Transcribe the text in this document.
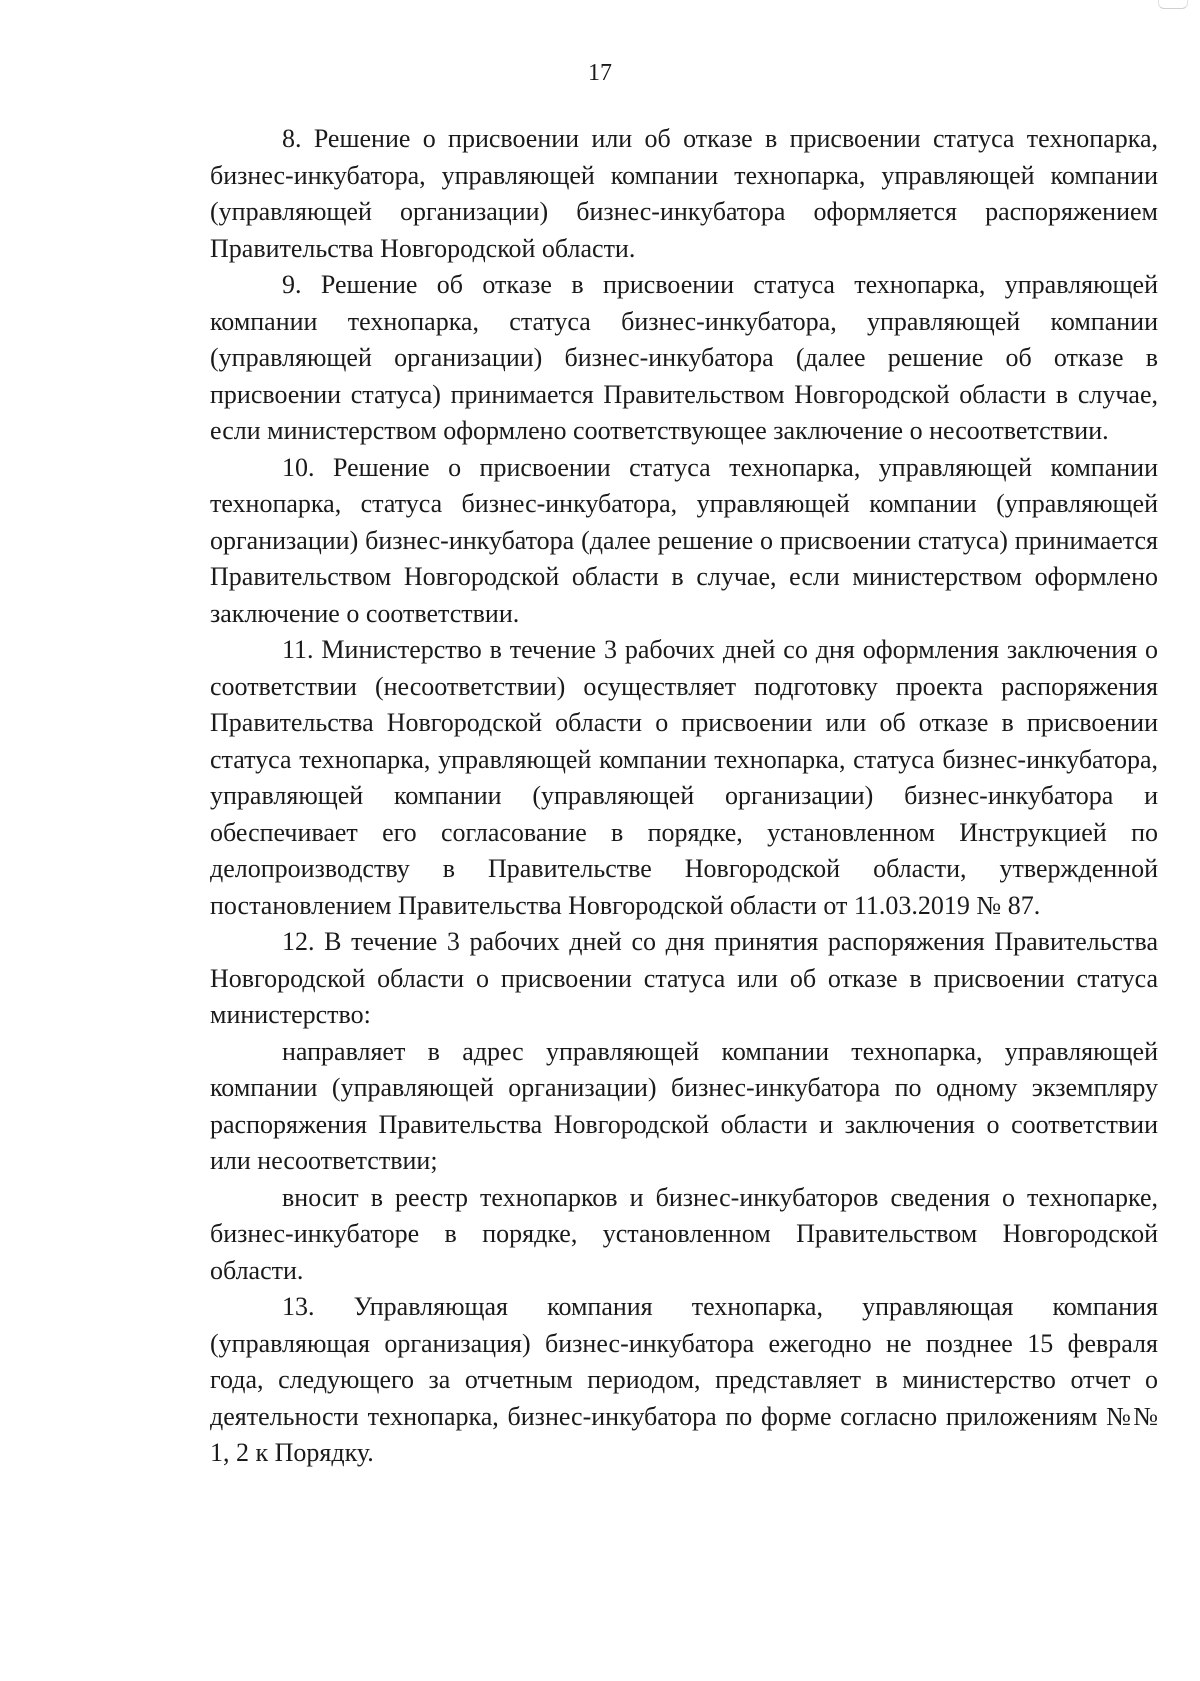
17

8. Решение о присвоении или об отказе в присвоении статуса технопарка, бизнес-инкубатора, управляющей компании технопарка, управляющей компании (управляющей организации) бизнес-инкубатора оформляется распоряжением Правительства Новгородской области.

9. Решение об отказе в присвоении статуса технопарка, управляющей компании технопарка, статуса бизнес-инкубатора, управляющей компании (управляющей организации) бизнес-инкубатора (далее решение об отказе в присвоении статуса) принимается Правительством Новгородской области в случае, если министерством оформлено соответствующее заключение о несоответствии.

10. Решение о присвоении статуса технопарка, управляющей компании технопарка, статуса бизнес-инкубатора, управляющей компании (управляющей организации) бизнес-инкубатора (далее решение о присвоении статуса) принимается Правительством Новгородской области в случае, если министерством оформлено заключение о соответствии.

11. Министерство в течение 3 рабочих дней со дня оформления заключения о соответствии (несоответствии) осуществляет подготовку проекта распоряжения Правительства Новгородской области о присвоении или об отказе в присвоении статуса технопарка, управляющей компании технопарка, статуса бизнес-инкубатора, управляющей компании (управляющей организации) бизнес-инкубатора и обеспечивает его согласование в порядке, установленном Инструкцией по делопроизводству в Правительстве Новгородской области, утвержденной постановлением Правительства Новгородской области от 11.03.2019 № 87.

12. В течение 3 рабочих дней со дня принятия распоряжения Правительства Новгородской области о присвоении статуса или об отказе в присвоении статуса министерство:

направляет в адрес управляющей компании технопарка, управляющей компании (управляющей организации) бизнес-инкубатора по одному экземпляру распоряжения Правительства Новгородской области и заключения о соответствии или несоответствии;

вносит в реестр технопарков и бизнес-инкубаторов сведения о технопарке, бизнес-инкубаторе в порядке, установленном Правительством Новгородской области.

13. Управляющая компания технопарка, управляющая компания (управляющая организация) бизнес-инкубатора ежегодно не позднее 15 февраля года, следующего за отчетным периодом, представляет в министерство отчет о деятельности технопарка, бизнес-инкубатора по форме согласно приложениям №№ 1, 2 к Порядку.
